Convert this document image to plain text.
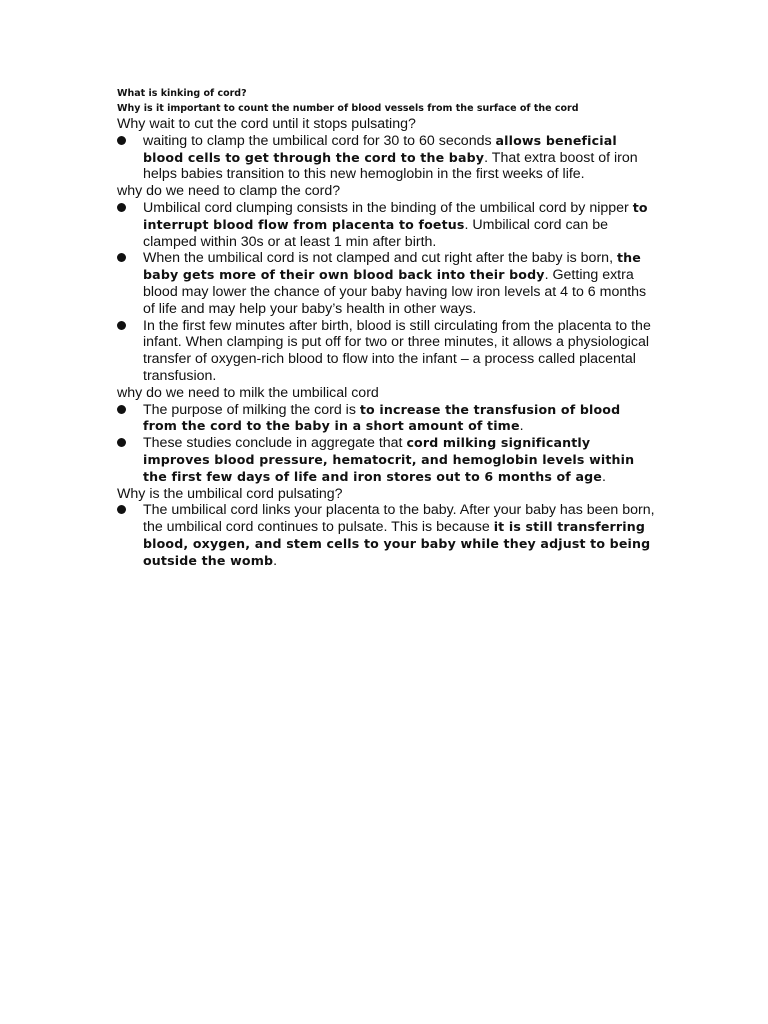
What is kinking of cord?
Why is it important to count the number of blood vessels from the surface of the cord
Why wait to cut the cord until it stops pulsating?
waiting to clamp the umbilical cord for 30 to 60 seconds allows beneficial blood cells to get through the cord to the baby. That extra boost of iron helps babies transition to this new hemoglobin in the first weeks of life.
why do we need to clamp the cord?
Umbilical cord clumping consists in the binding of the umbilical cord by nipper to interrupt blood flow from placenta to foetus. Umbilical cord can be clamped within 30s or at least 1 min after birth.
When the umbilical cord is not clamped and cut right after the baby is born, the baby gets more of their own blood back into their body. Getting extra blood may lower the chance of your baby having low iron levels at 4 to 6 months of life and may help your baby’s health in other ways.
In the first few minutes after birth, blood is still circulating from the placenta to the infant. When clamping is put off for two or three minutes, it allows a physiological transfer of oxygen-rich blood to flow into the infant – a process called placental transfusion.
why do we need to milk the umbilical cord
The purpose of milking the cord is to increase the transfusion of blood from the cord to the baby in a short amount of time.
These studies conclude in aggregate that cord milking significantly improves blood pressure, hematocrit, and hemoglobin levels within the first few days of life and iron stores out to 6 months of age.
Why is the umbilical cord pulsating?
The umbilical cord links your placenta to the baby. After your baby has been born, the umbilical cord continues to pulsate. This is because it is still transferring blood, oxygen, and stem cells to your baby while they adjust to being outside the womb.
